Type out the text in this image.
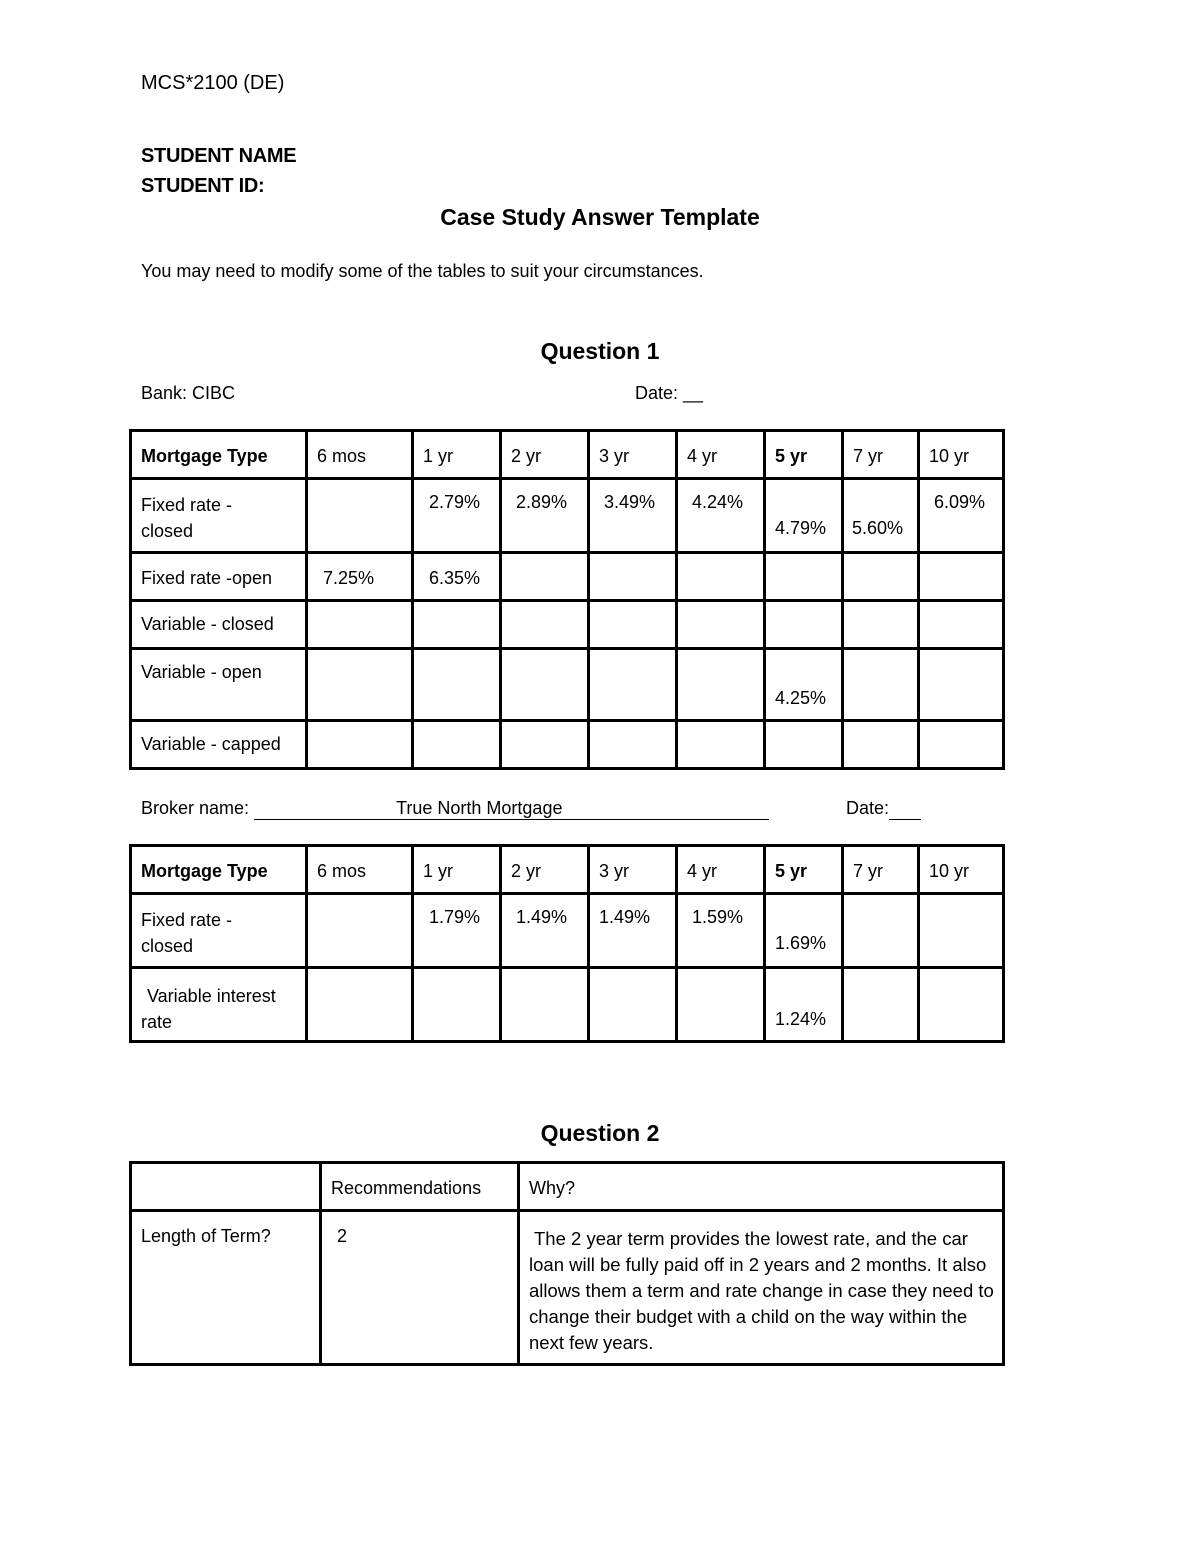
MCS*2100 (DE)
STUDENT NAME
STUDENT ID:
Case Study Answer Template
You may need to modify some of the tables to suit your circumstances.
Question 1
Bank: CIBC	Date: __
Mortgage Type	6 mos	1 yr	2 yr	3 yr	4 yr	5 yr	7 yr	10 yr

Fixed rate - closed		2.79%	2.89%	3.49%	4.24%	4.79%	5.60%	6.09%

Fixed rate -open	7.25%	6.35%						

Variable - closed								

Variable - open						4.25%		

Variable - capped								

Broker name:	True North Mortgage
	Date:
Mortgage Type	6 mos	1 yr	2 yr	3 yr	4 yr	5 yr	7 yr	10 yr

Fixed rate - closed		1.79%	1.49%	1.49%	1.59%	1.69%		

Variable interest rate						1.24%		

Question 2

	Recommendations	Why?

Length of Term?	2	The 2 year term provides the lowest rate, and the car loan will be fully paid off in 2 years and 2 months. It also allows them a term and rate change in case they need to change their budget with a child on the way within the next few years.
